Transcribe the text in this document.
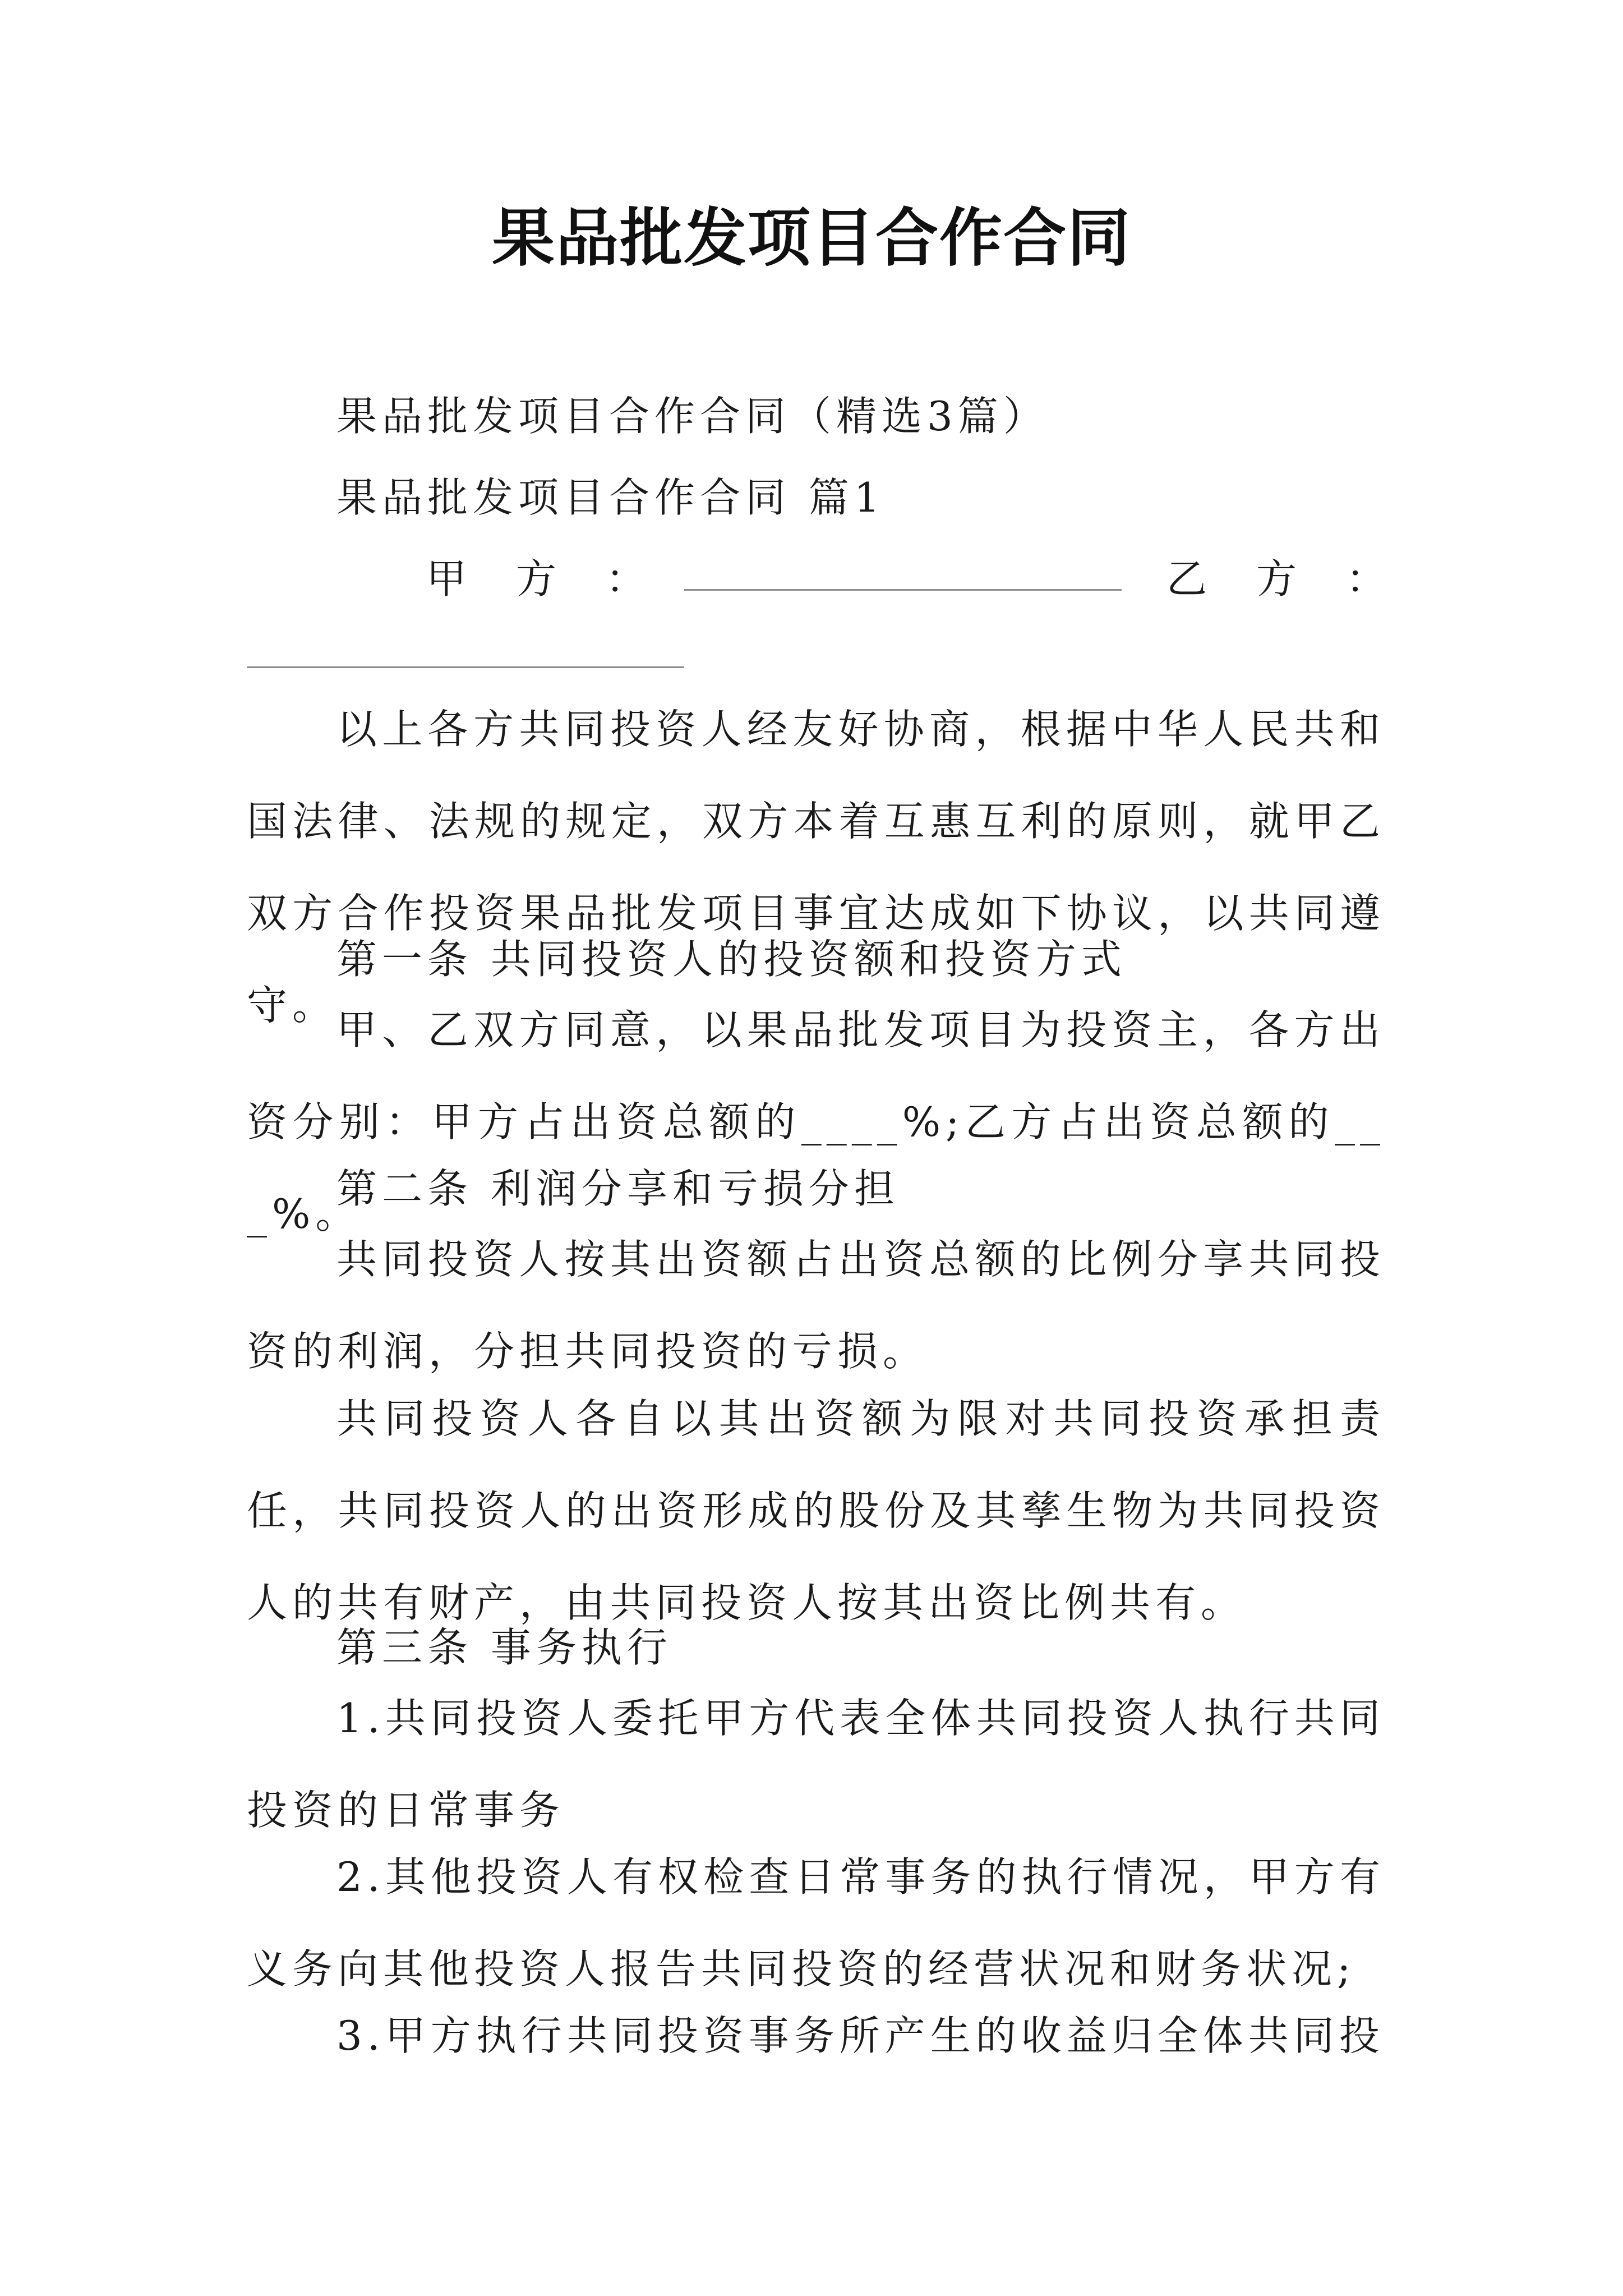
果品批发项目合作合同
果品批发项目合作合同（精选3篇）
果品批发项目合作合同 篇1
甲 方 ：	乙 方 ：
以上各方共同投资人经友好协商，根据中华人民共和国法律、法规的规定，双方本着互惠互利的原则，就甲乙双方合作投资果品批发项目事宜达成如下协议，以共同遵守。
第一条 共同投资人的投资额和投资方式
甲、乙双方同意，以果品批发项目为投资主，各方出资分别：甲方占出资总额的____%;乙方占出资总额的___%。
第二条 利润分享和亏损分担
共同投资人按其出资额占出资总额的比例分享共同投资的利润，分担共同投资的亏损。
共同投资人各自以其出资额为限对共同投资承担责任，共同投资人的出资形成的股份及其孳生物为共同投资人的共有财产，由共同投资人按其出资比例共有。
第三条 事务执行
1.共同投资人委托甲方代表全体共同投资人执行共同投资的日常事务
2.其他投资人有权检查日常事务的执行情况，甲方有义务向其他投资人报告共同投资的经营状况和财务状况;
3.甲方执行共同投资事务所产生的收益归全体共同投
